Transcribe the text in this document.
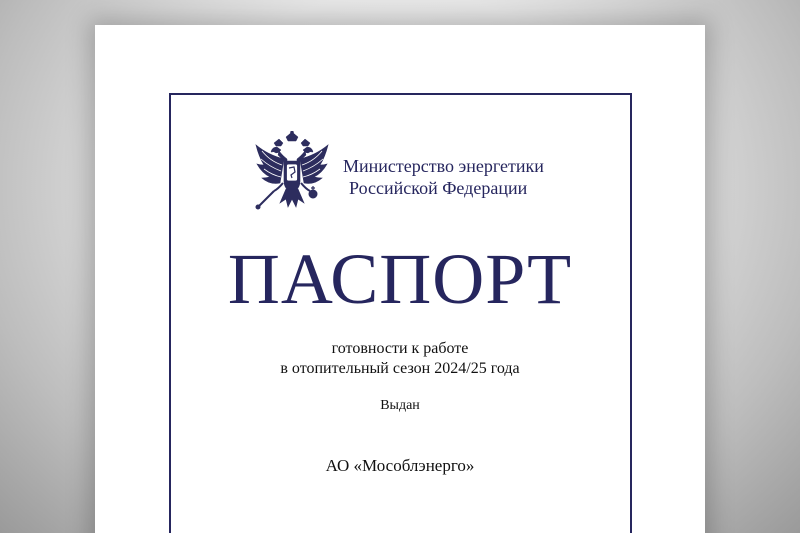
Министерство энергетики
Российской Федерации
ПАСПОРТ
готовности к работе
в отопительный сезон 2024/25 года
Выдан
АО «Мособлэнерго»
